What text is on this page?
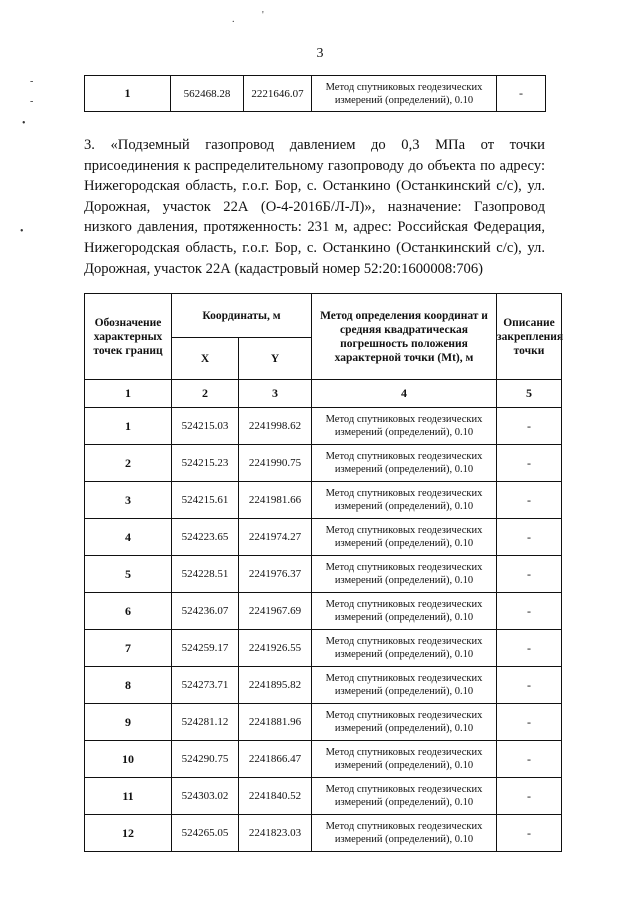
.
-
•
•
-
'
3
1	562468.28	2221646.07	Метод спутниковых геодезических измерений (определений), 0.10	-

3. «Подземный газопровод давлением до 0,3 МПа от точки присоединения к распределительному газопроводу до объекта по адресу: Нижегородская область, г.о.г. Бор, с. Останкино (Останкинский с/с), ул. Дорожная, участок 22А (О-4-2016Б/Л-Л)», назначение: Газопровод низкого давления, протяженность: 231 м, адрес: Российская Федерация, Нижегородская область, г.о.г. Бор, с. Останкино (Останкинский с/с), ул. Дорожная, участок 22А (кадастровый номер 52:20:1600008:706)

Обозначение характерных точек границ	Координаты, м		Метод определения координат и средняя квадратическая погрешность положения характерной точки (Mt), м	Описание закрепления точки
	X	Y		
1	2	3	4	5
1	524215.03	2241998.62	Метод спутниковых геодезических измерений (определений), 0.10	-
2	524215.23	2241990.75	Метод спутниковых геодезических измерений (определений), 0.10	-
3	524215.61	2241981.66	Метод спутниковых геодезических измерений (определений), 0.10	-
4	524223.65	2241974.27	Метод спутниковых геодезических измерений (определений), 0.10	-
5	524228.51	2241976.37	Метод спутниковых геодезических измерений (определений), 0.10	-
6	524236.07	2241967.69	Метод спутниковых геодезических измерений (определений), 0.10	-
7	524259.17	2241926.55	Метод спутниковых геодезических измерений (определений), 0.10	-
8	524273.71	2241895.82	Метод спутниковых геодезических измерений (определений), 0.10	-
9	524281.12	2241881.96	Метод спутниковых геодезических измерений (определений), 0.10	-
10	524290.75	2241866.47	Метод спутниковых геодезических измерений (определений), 0.10	-
11	524303.02	2241840.52	Метод спутниковых геодезических измерений (определений), 0.10	-
12	524265.05	2241823.03	Метод спутниковых геодезических измерений (определений), 0.10	-
